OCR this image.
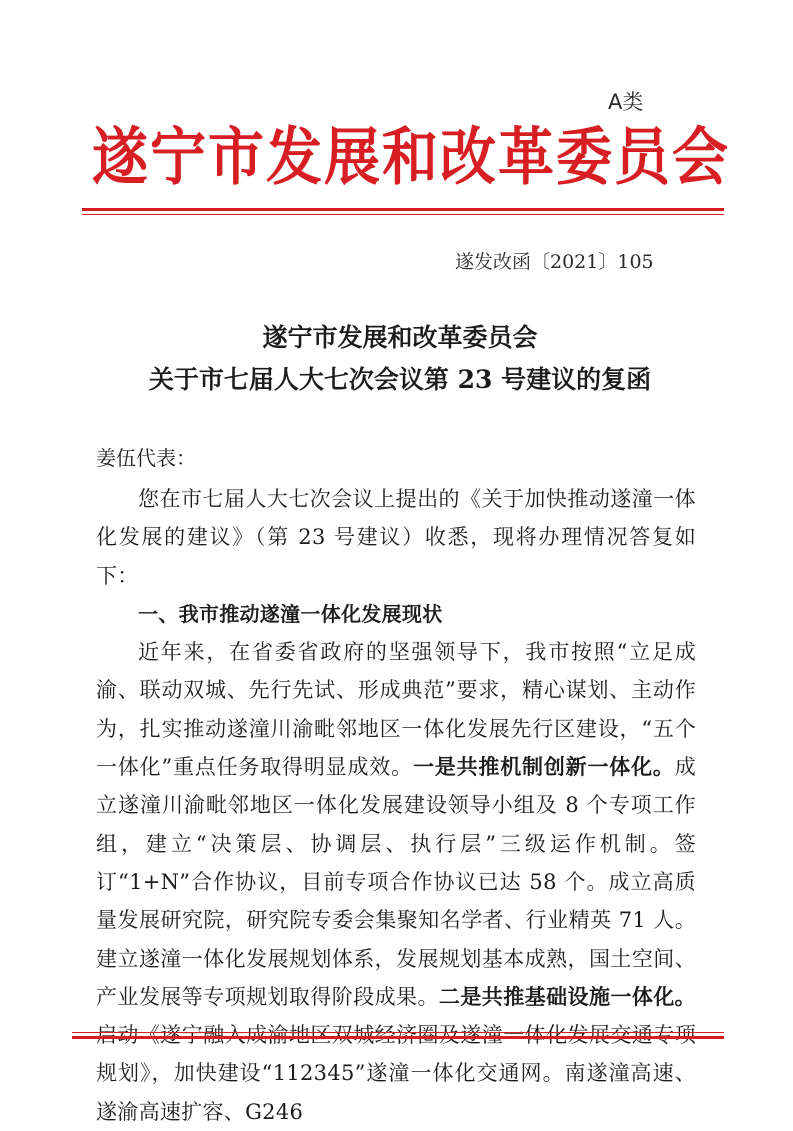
A类
遂宁市发展和改革委员会
遂发改函〔2021〕105
遂宁市发展和改革委员会
关于市七届人大七次会议第 23 号建议的复函
姜伍代表：

您在市七届人大七次会议上提出的《关于加快推动遂潼一体化发展的建议》（第 23 号建议）收悉，现将办理情况答复如下：

一、我市推动遂潼一体化发展现状

近年来，在省委省政府的坚强领导下，我市按照“立足成渝、联动双城、先行先试、形成典范”要求，精心谋划、主动作为，扎实推动遂潼川渝毗邻地区一体化发展先行区建设，“五个一体化”重点任务取得明显成效。一是共推机制创新一体化。成立遂潼川渝毗邻地区一体化发展建设领导小组及 8 个专项工作组，建立“决策层、协调层、执行层”三级运作机制。签订“1+N”合作协议，目前专项合作协议已达 58 个。成立高质量发展研究院，研究院专委会集聚知名学者、行业精英 71 人。建立遂潼一体化发展规划体系，发展规划基本成熟，国土空间、产业发展等专项规划取得阶段成果。二是共推基础设施一体化。 规划》，加快建设“112345”遂潼一体化交通网。南遂潼高速、遂渝高速扩容、G246
